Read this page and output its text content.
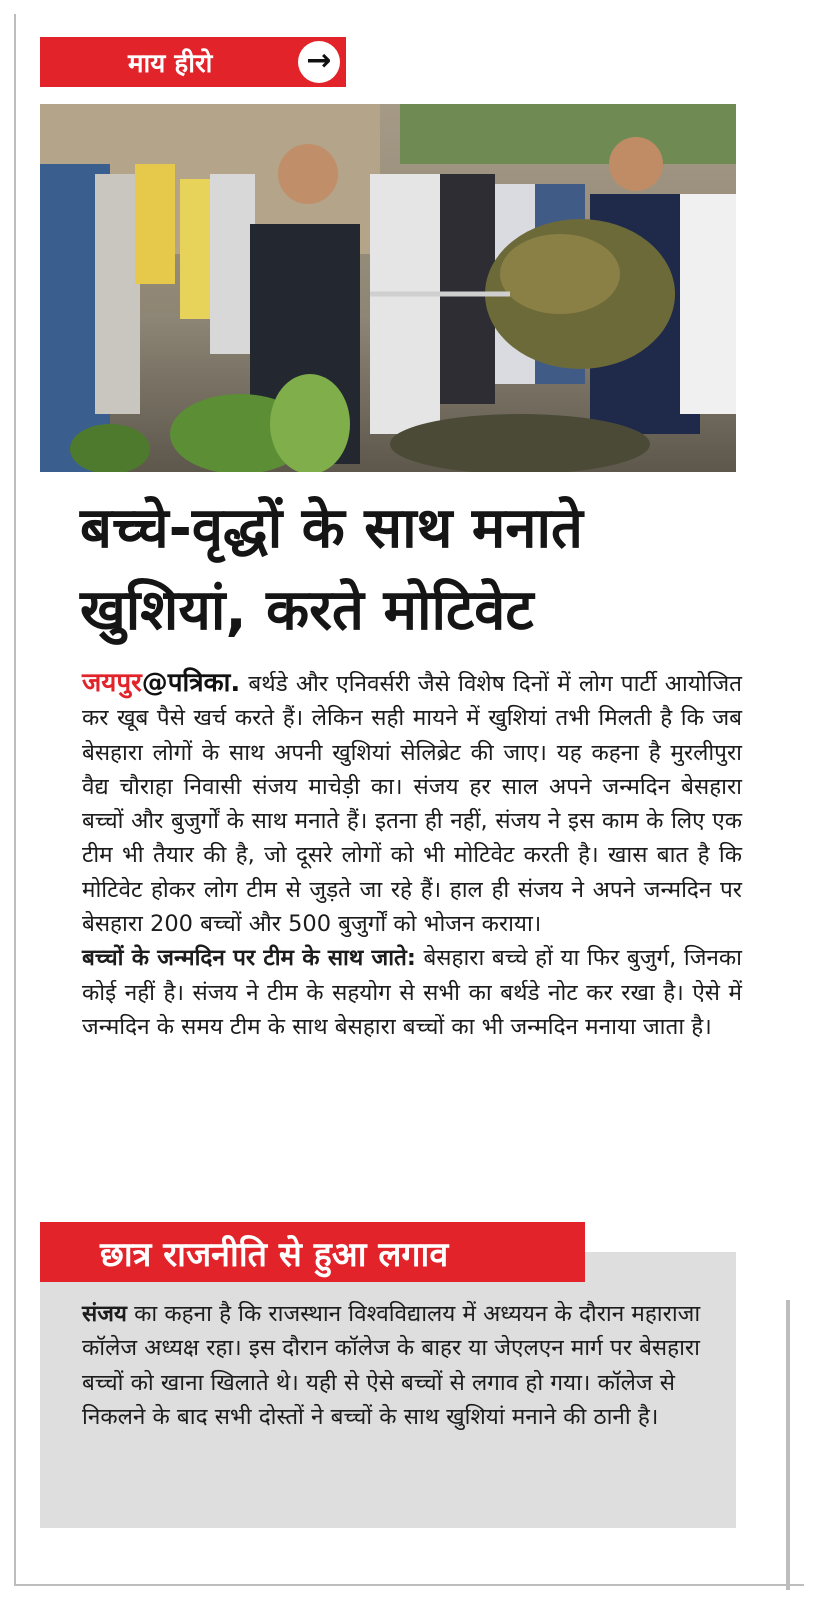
माय हीरो	→
बच्चे-वृद्धों के साथ मनाते
खुशियां, करते मोटिवेट
जयपुर@पत्रिका. बर्थडे और एनिवर्सरी जैसे विशेष दिनों में लोग पार्टी आयोजित कर खूब पैसे खर्च करते हैं। लेकिन सही मायने में खुशियां तभी मिलती है कि जब बेसहारा लोगों के साथ अपनी खुशियां सेलिब्रेट की जाए। यह कहना है मुरलीपुरा वैद्य चौराहा निवासी संजय माचेड़ी का। संजय हर साल अपने जन्मदिन बेसहारा बच्चों और बुजुर्गों के साथ मनाते हैं। इतना ही नहीं, संजय ने इस काम के लिए एक टीम भी तैयार की है, जो दूसरे लोगों को भी मोटिवेट करती है। खास बात है कि मोटिवेट होकर लोग टीम से जुड़ते जा रहे हैं। हाल ही संजय ने अपने जन्मदिन पर बेसहारा 200 बच्चों और 500 बुजुर्गों को भोजन कराया।
बच्चों के जन्मदिन पर टीम के साथ जाते: बेसहारा बच्चे हों या फिर बुजुर्ग, जिनका कोई नहीं है। संजय ने टीम के सहयोग से सभी का बर्थडे नोट कर रखा है। ऐसे में जन्मदिन के समय टीम के साथ बेसहारा बच्चों का भी जन्मदिन मनाया जाता है।
छात्र राजनीति से हुआ लगाव
संजय का कहना है कि राजस्थान विश्वविद्यालय में अध्ययन के दौरान महाराजा कॉलेज अध्यक्ष रहा। इस दौरान कॉलेज के बाहर या जेएलएन मार्ग पर बेसहारा बच्चों को खाना खिलाते थे। यही से ऐसे बच्चों से लगाव हो गया। कॉलेज से निकलने के बाद सभी दोस्तों ने बच्चों के साथ खुशियां मनाने की ठानी है।
